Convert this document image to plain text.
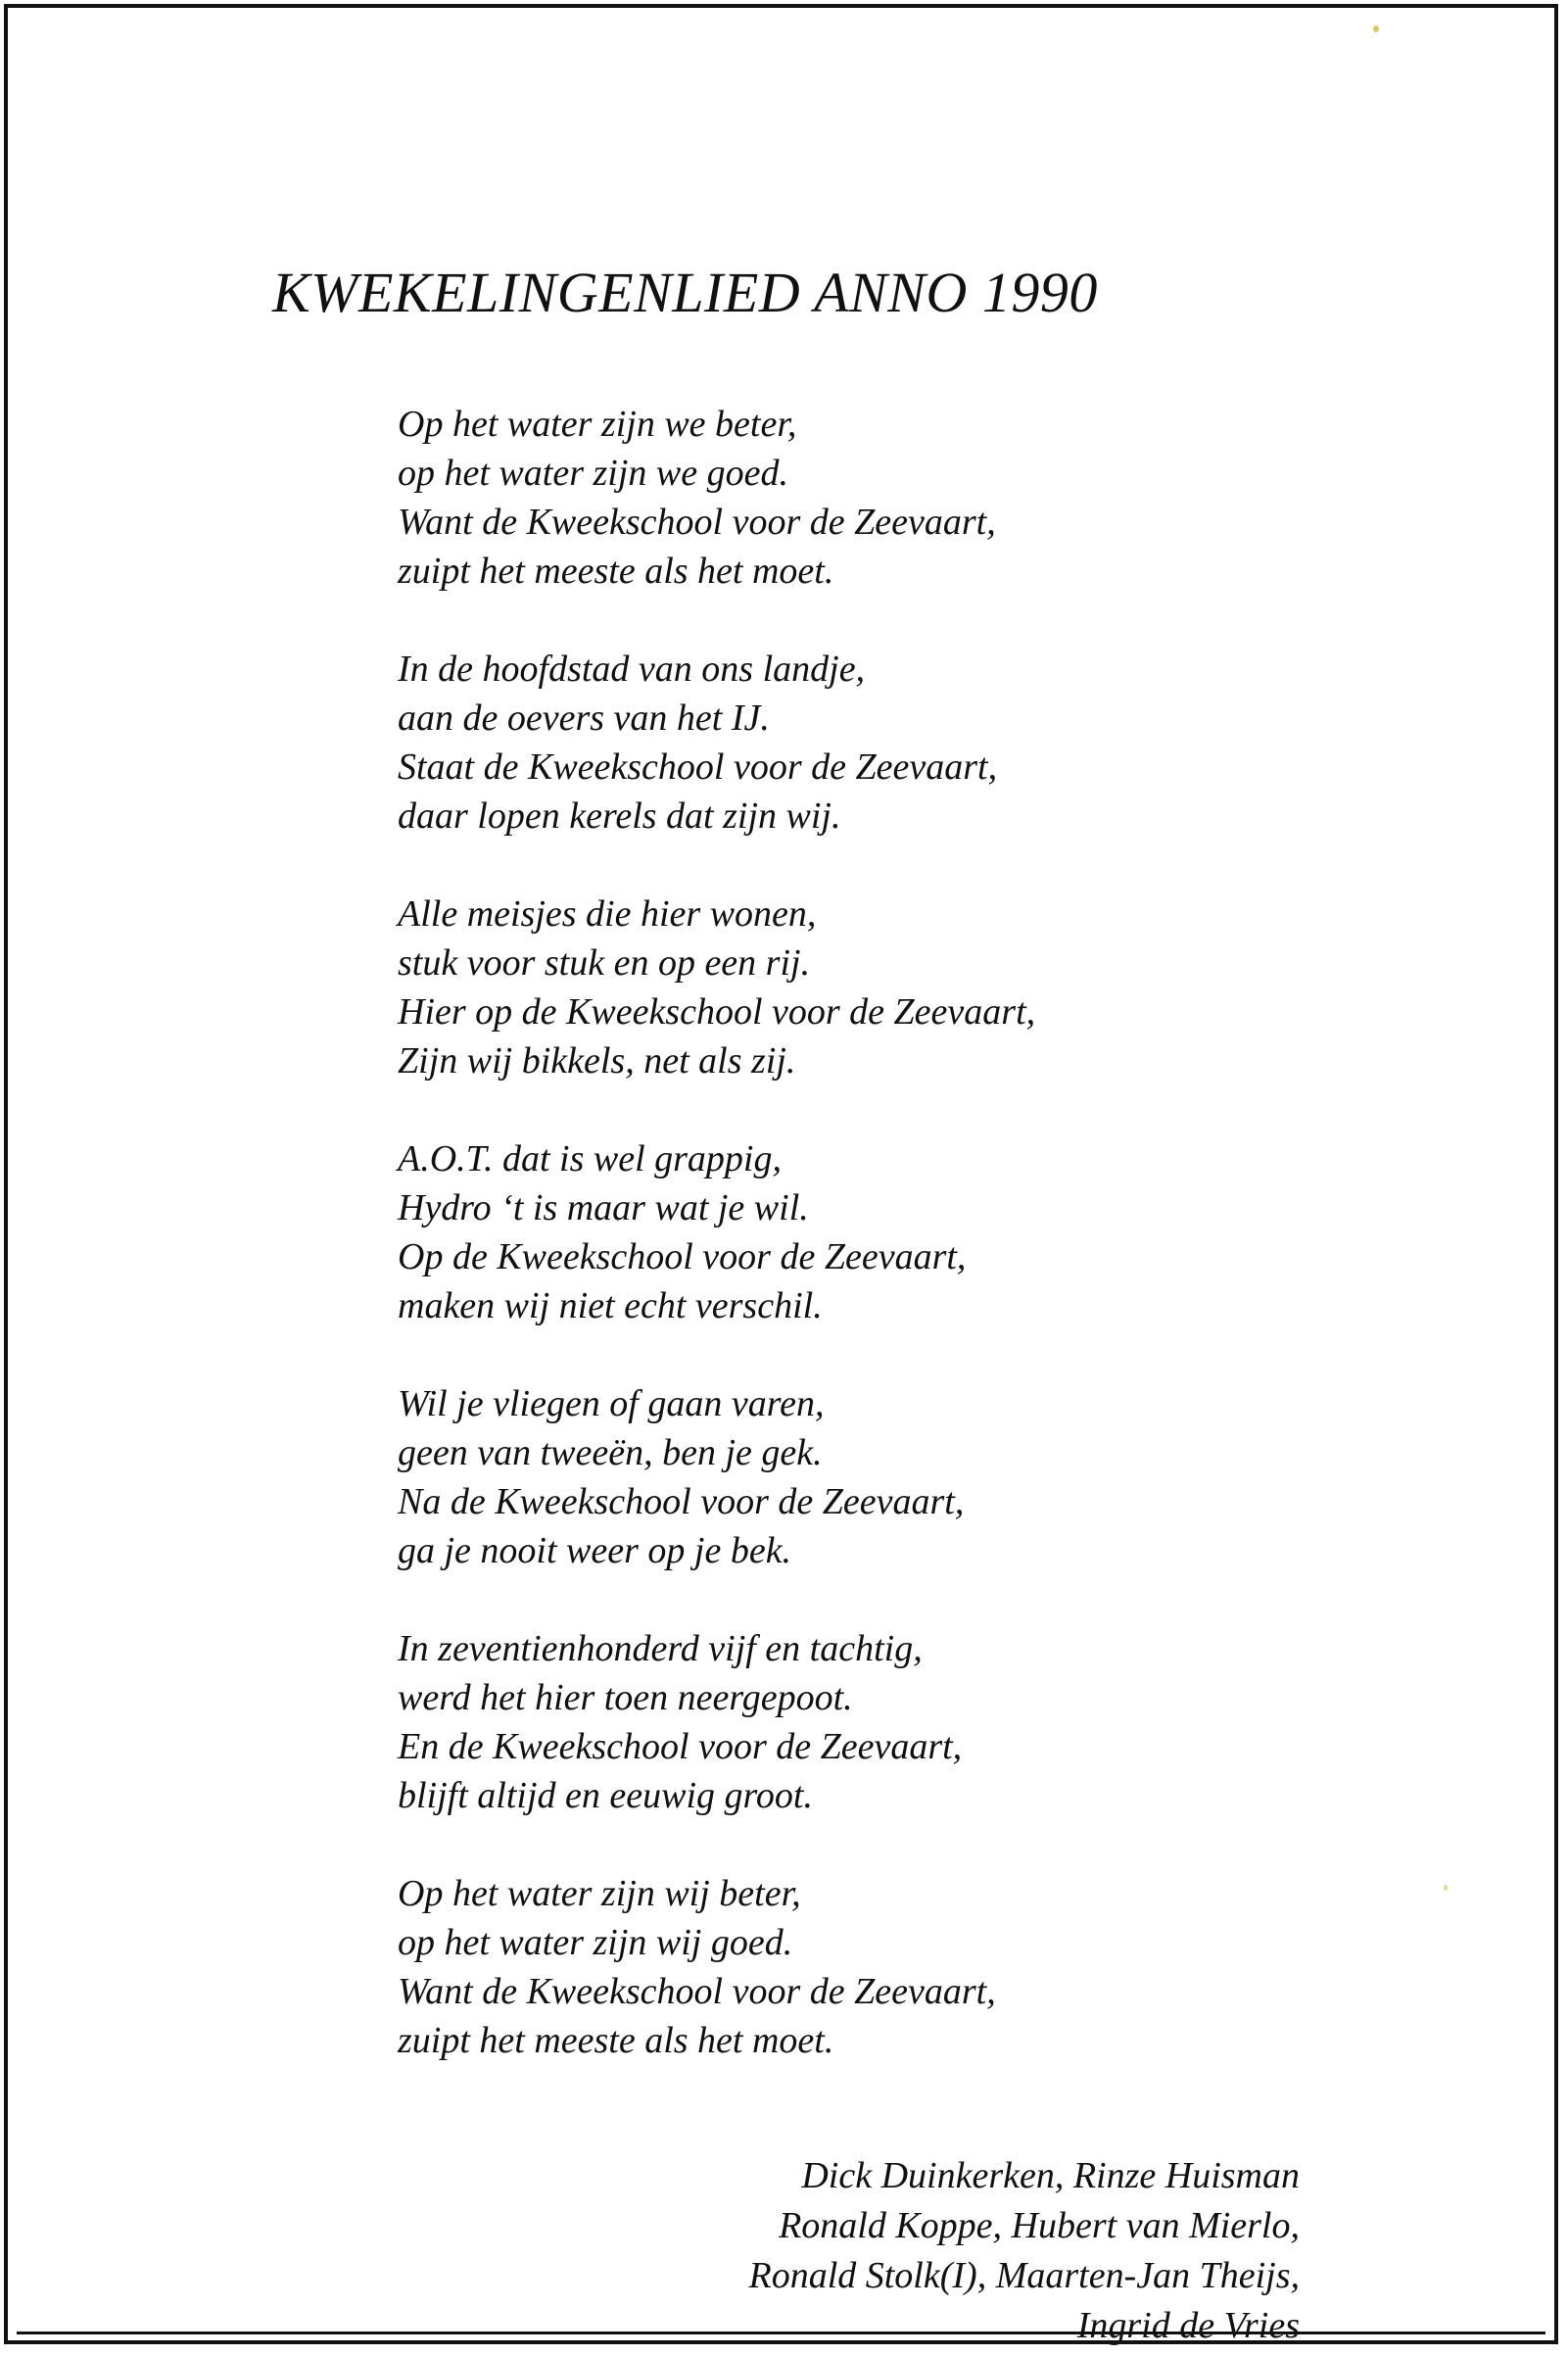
KWEKELINGENLIED ANNO 1990
Op het water zijn we beter,
op het water zijn we goed.
Want de Kweekschool voor de Zeevaart,
zuipt het meeste als het moet.
In de hoofdstad van ons landje,
aan de oevers van het IJ.
Staat de Kweekschool voor de Zeevaart,
daar lopen kerels dat zijn wij.
Alle meisjes die hier wonen,
stuk voor stuk en op een rij.
Hier op de Kweekschool voor de Zeevaart,
Zijn wij bikkels, net als zij.
A.O.T. dat is wel grappig,
Hydro ‘t is maar wat je wil.
Op de Kweekschool voor de Zeevaart,
maken wij niet echt verschil.
Wil je vliegen of gaan varen,
geen van tweeën, ben je gek.
Na de Kweekschool voor de Zeevaart,
ga je nooit weer op je bek.
In zeventienhonderd vijf en tachtig,
werd het hier toen neergepoot.
En de Kweekschool voor de Zeevaart,
blijft altijd en eeuwig groot.
Op het water zijn wij beter,
op het water zijn wij goed.
Want de Kweekschool voor de Zeevaart,
zuipt het meeste als het moet.
Dick Duinkerken, Rinze Huisman
Ronald Koppe, Hubert van Mierlo,
Ronald Stolk(I), Maarten-Jan Theijs,
Ingrid de Vries
